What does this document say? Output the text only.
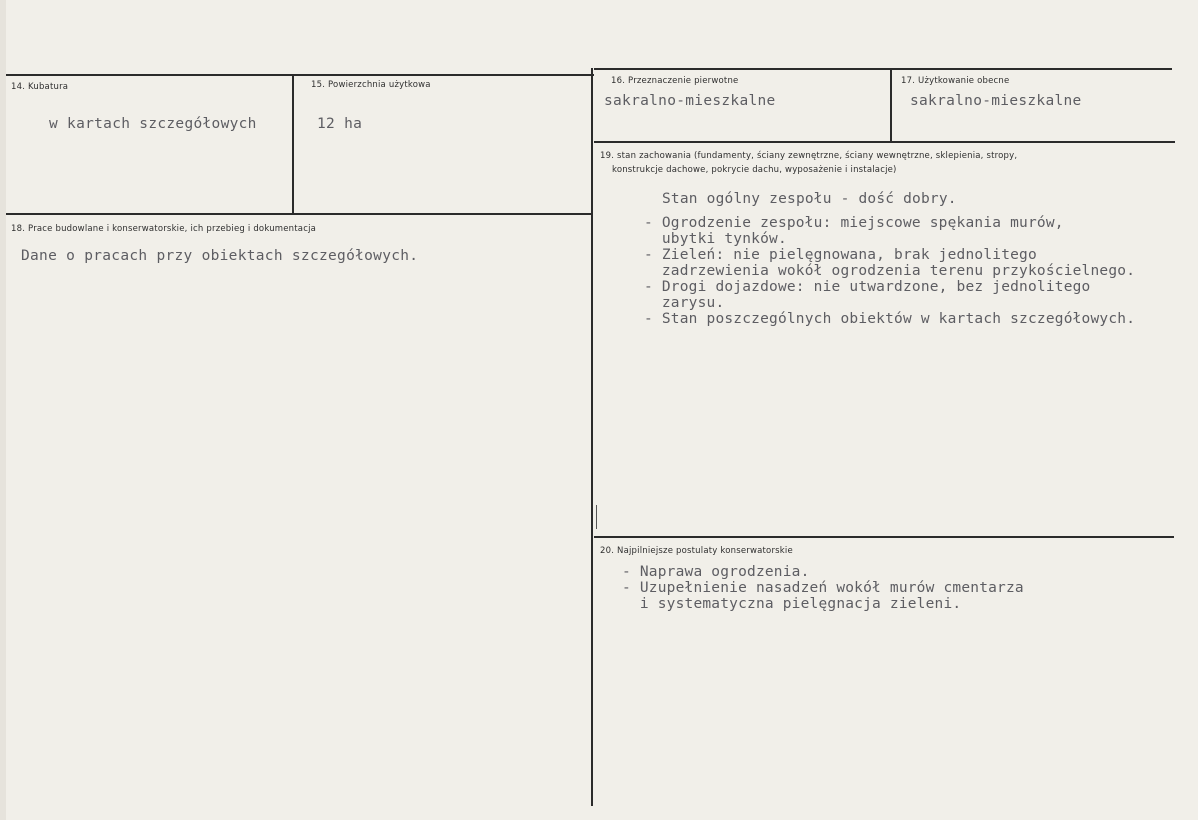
14. Kubatura
w kartach szczegółowych
15. Powierzchnia użytkowa
12 ha
16. Przeznaczenie pierwotne
sakralno-mieszkalne
17. Użytkowanie obecne
sakralno-mieszkalne
18. Prace budowlane i konserwatorskie, ich przebieg i dokumentacja
Dane o pracach przy obiektach szczegółowych.
19. stan zachowania (fundamenty, ściany zewnętrzne, ściany wewnętrzne, sklepienia, stropy,
konstrukcje dachowe, pokrycie dachu, wyposażenie i instalacje)
Stan ogólny zespołu - dość dobry.
- Ogrodzenie zespołu: miejscowe spękania murów,
ubytki tynków.
- Zieleń: nie pielęgnowana, brak jednolitego
zadrzewienia wokół ogrodzenia terenu przykościelnego.
- Drogi dojazdowe: nie utwardzone, bez jednolitego
zarysu.
- Stan poszczególnych obiektów w kartach szczegółowych.
20. Najpilniejsze postulaty konserwatorskie
- Naprawa ogrodzenia.
- Uzupełnienie nasadzeń wokół murów cmentarza
i systematyczna pielęgnacja zieleni.
